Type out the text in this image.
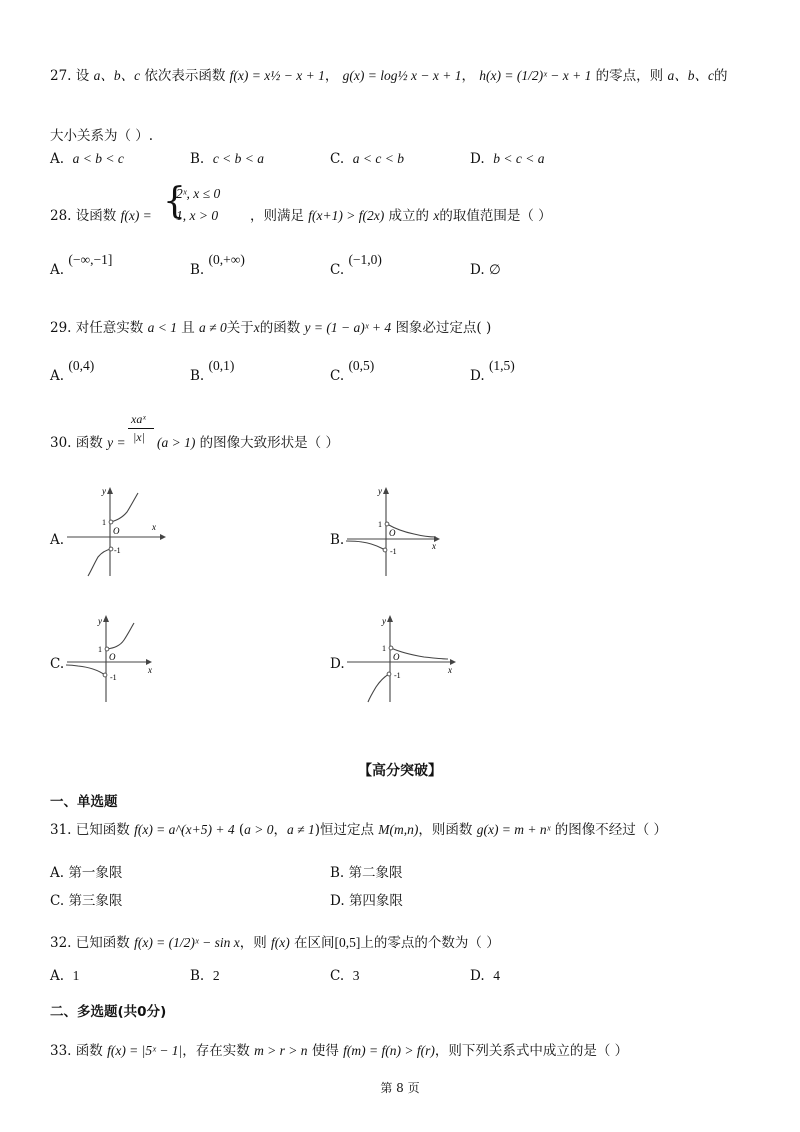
27. 设 a、b、c 依次表示函数 f(x) = x½ − x + 1， g(x) = log½ x − x + 1， h(x) = (1/2)ˣ − x + 1 的零点，则 a、b、c的
大小关系为（ ）.
A. a < b < c	B. c < b < a	C. a < c < b	D. b < c < a
28. 设函数 f(x) = {
2ˣ, x ≤ 0
1, x > 0 ，则满足 f(x+1) > f(2x) 成立的 x的取值范围是（ ）
A. (−∞,−1]
B. (0,+∞)
C. (−1,0)
D. ∅
29. 对任意实数 a < 1 且 a ≠ 0关于x的函数 y = (1 − a)ˣ + 4 图象必过定点( )
A. (0,4)
B. (0,1)
C. (0,5)
D. (1,5)
30. 函数 y =
xaˣ
|x| (a > 1) 的图像大致形状是（ ）
A.
y
x
O
1
-1
B.
y
x
O
1
-1
C.
y
x
O
1
-1
D.
y
x
O
1
-1
【高分突破】
一、单选题
31. 已知函数 f(x) = a^(x+5) + 4 (a > 0，a ≠ 1)恒过定点 M(m,n)，则函数 g(x) = m + nˣ 的图像不经过（ ）
A. 第一象限	B. 第二象限
C. 第三象限	D. 第四象限
32. 已知函数 f(x) = (1/2)ˣ − sin x，则 f(x) 在区间[0,5]上的零点的个数为（ ）
A. 1	B. 2	C. 3	D. 4
二、多选题(共0分)
33. 函数 f(x) = |5ˣ − 1|，存在实数 m > r > n 使得 f(m) = f(n) > f(r)，则下列关系式中成立的是（ ）
第 8 页
